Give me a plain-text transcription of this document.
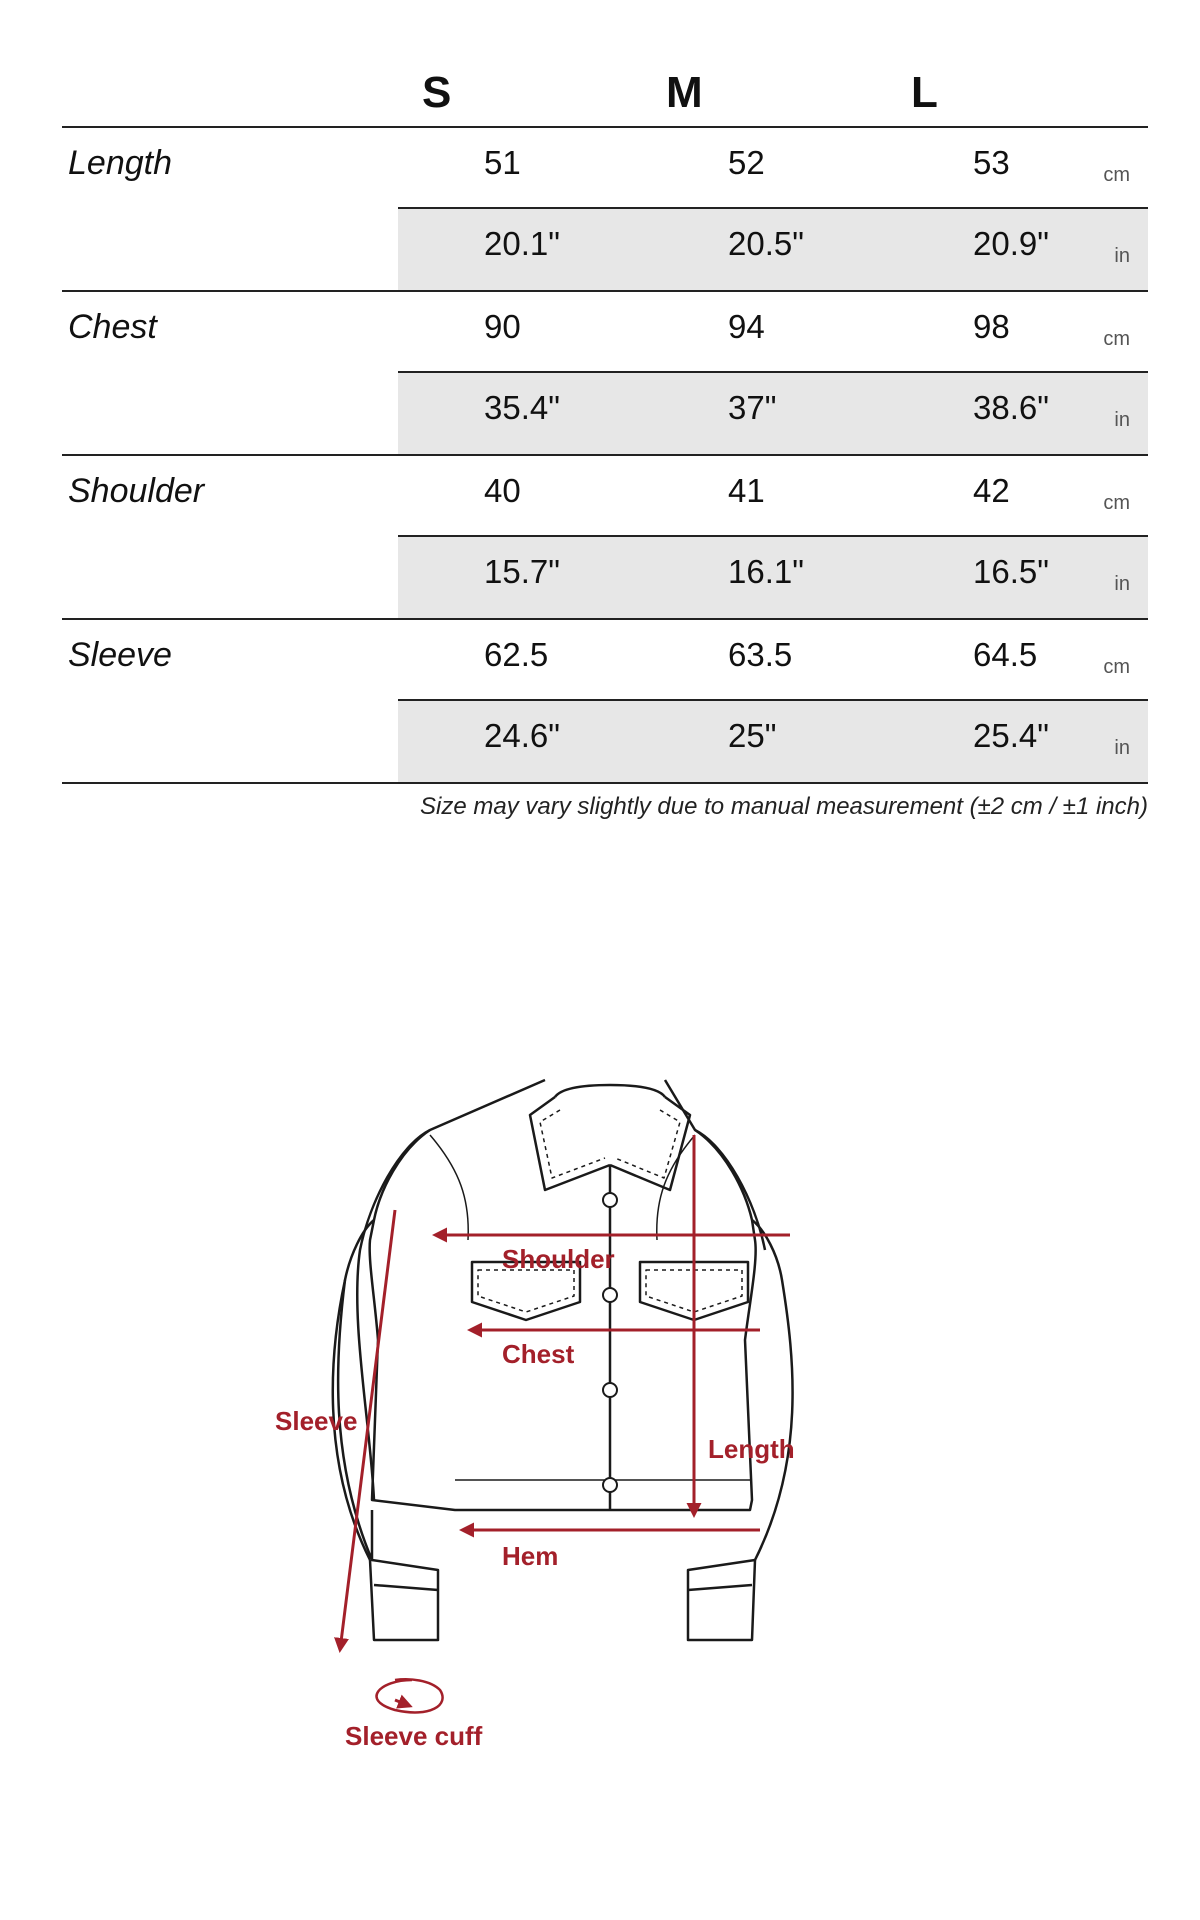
S	M	L
Length	51	52	53	cm
20.1"	20.5"	20.9"	in
Chest	90	94	98	cm
35.4"	37"	38.6"	in
Shoulder	40	41	42	cm
15.7"	16.1"	16.5"	in
Sleeve	62.5	63.5	64.5	cm
24.6"	25"	25.4"	in
Size may vary slightly due to manual measurement (±2 cm / ±1 inch)
Shoulder
Chest
Length
Sleeve
Hem
Sleeve cuff
